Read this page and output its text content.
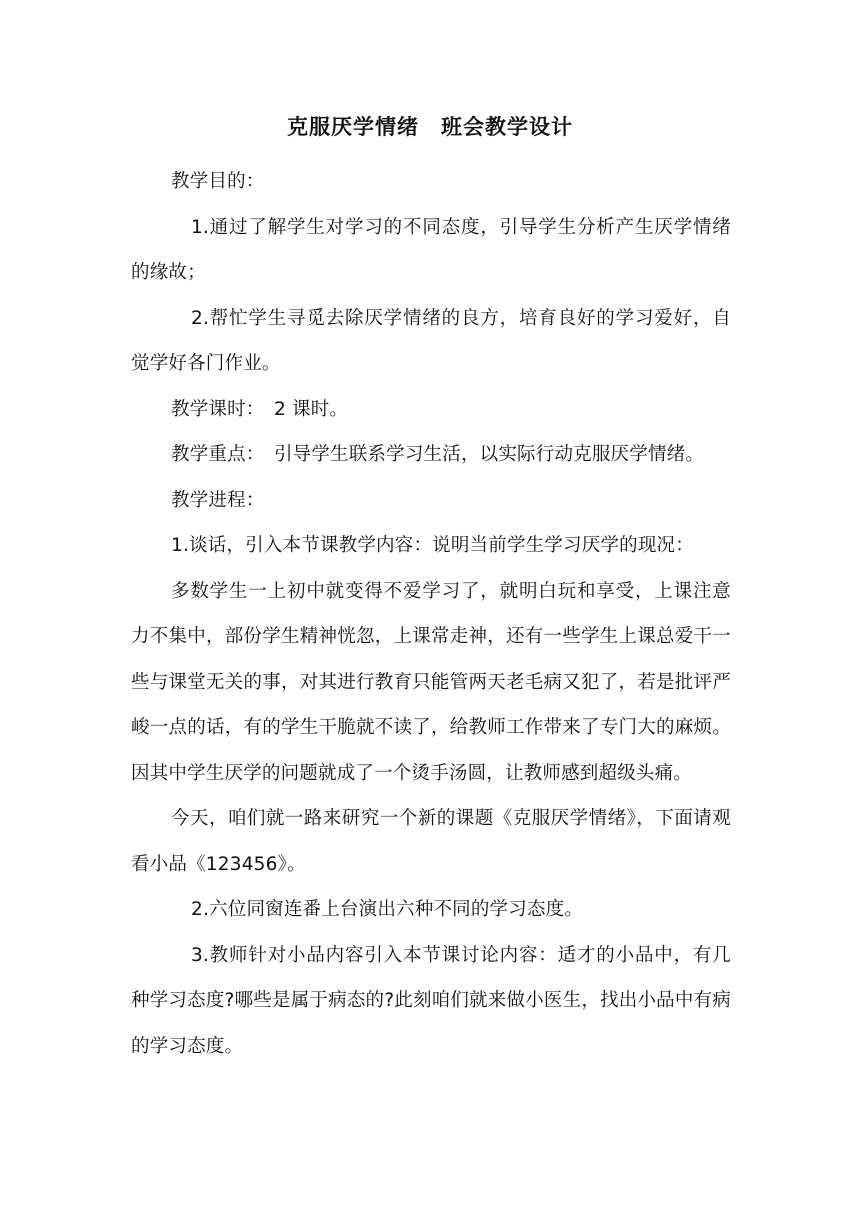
克服厌学情绪　班会教学设计

教学目的：

1.通过了解学生对学习的不同态度，引导学生分析产生厌学情绪的缘故；

2.帮忙学生寻觅去除厌学情绪的良方，培育良好的学习爱好，自觉学好各门作业。

教学课时：　2 课时。

教学重点：　引导学生联系学习生活，以实际行动克服厌学情绪。

教学进程：

1.谈话，引入本节课教学内容：说明当前学生学习厌学的现况：

多数学生一上初中就变得不爱学习了，就明白玩和享受，上课注意力不集中，部份学生精神恍忽，上课常走神，还有一些学生上课总爱干一些与课堂无关的事，对其进行教育只能管两天老毛病又犯了，若是批评严峻一点的话，有的学生干脆就不读了，给教师工作带来了专门大的麻烦。因其中学生厌学的问题就成了一个烫手汤圆，让教师感到超级头痛。

今天，咱们就一路来研究一个新的课题《克服厌学情绪》，下面请观看小品《123456》。

2.六位同窗连番上台演出六种不同的学习态度。

3.教师针对小品内容引入本节课讨论内容：适才的小品中，有几种学习态度?哪些是属于病态的?此刻咱们就来做小医生，找出小品中有病的学习态度。
